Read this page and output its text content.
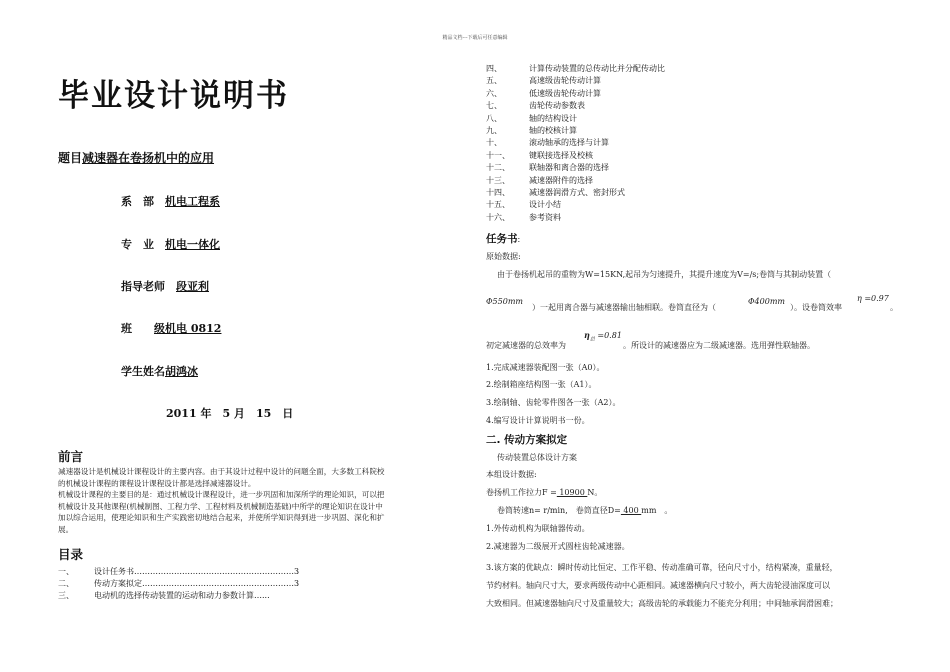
精品文档---下载后可任意编辑
毕业设计说明书
题目减速器在卷扬机中的应用
系　部　 机电工程系
专　业　 机电一体化
指导老师　 段亚利
班　　 级机电 0812
学生姓名胡鸿冰
2011 年　 5 月　 15　日
前言
减速器设计是机械设计课程设计的主要内容。由于其设计过程中设计的问题全面，大多数工科院校
的机械设计课程的课程设计课程设计都是选择减速器设计。
机械设计课程的主要目的是：通过机械设计课程设计，进一步巩固和加深所学的理论知识，可以把
机械设计及其他课程(机械制图、工程力学、工程材料及机械制造基础)中所学的理论知识在设计中
加以综合运用，使理论知识和生产实践密切地结合起来，并使所学知识得到进一步巩固、深化和扩
展。
目录
一、	设计任务书……………………………………………………3
二、	传动方案拟定…………………………………………………3
三、	电动机的选择传动装置的运动和动力参数计算…...
四、	计算传动装置的总传动比并分配传动比
五、	高速级齿轮传动计算
六、	低速级齿轮传动计算
七、	齿轮传动参数表
八、	轴的结构设计
九、	轴的校核计算
十、	滚动轴承的选择与计算
十一、 键联接选择及校核
十二、 联轴器和离合器的选择
十三、 减速器附件的选择
十四、 减速器润滑方式、密封形式
十五、 设计小结
十六、 参考资料
任务书:
原始数据:
由于卷扬机起吊的重物为W=15KN,起吊为匀速提升，其提升速度为V=/s;卷筒与其制动装置（
Φ550mm
）一起用离合器与减速器输出轴相联。卷筒直径为（
Φ400mm
）。设卷筒效率
η =0.97
。
初定减速器的总效率为
$\eta_总 =0.81$
。所设计的减速器应为二级减速器。选用弹性联轴器。
1.完成减速器装配图一张（A0）。
2.绘制箱座结构图一张（A1）。
3.绘制轴、齿轮零件图各一张（A2）。
4.编写设计计算说明书一份。
二. 传动方案拟定
传动装置总体设计方案
本组设计数据:
卷扬机工作拉力F = 10900 N。
卷筒转速n= r/min,　卷筒直径D= 400 mm　。
1.外传动机构为联轴器传动。
2.减速器为二级展开式圆柱齿轮减速器。
3.该方案的优缺点：瞬时传动比恒定、工作平稳、传动准确可靠，径向尺寸小，结构紧凑，重量轻，
节约材料。轴向尺寸大，要求两级传动中心距相同。减速器横向尺寸较小，两大齿轮浸油深度可以
大致相同。但减速器轴向尺寸及重量较大；高级齿轮的承载能力不能充分利用；中间轴承润滑困难；
